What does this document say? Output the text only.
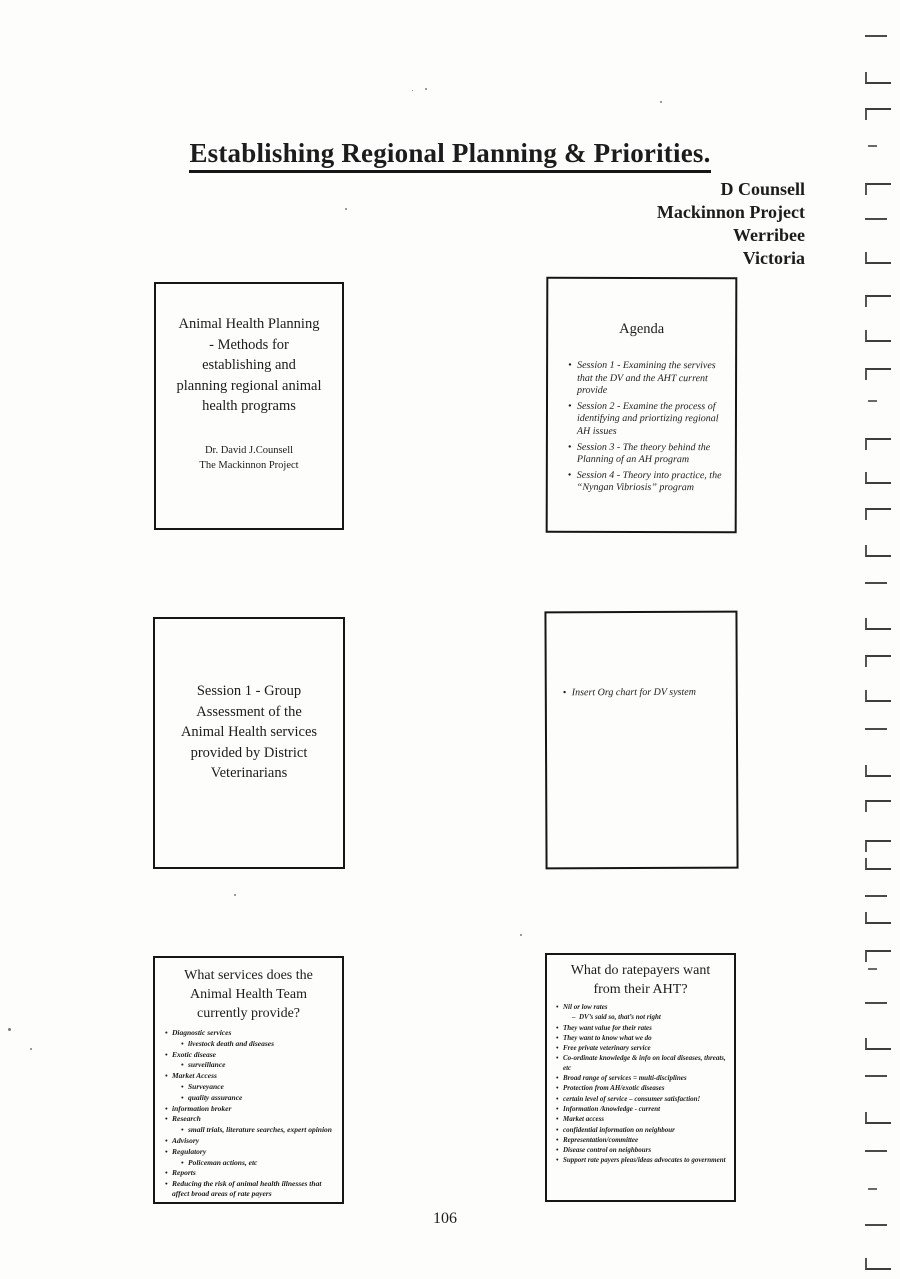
Establishing Regional Planning & Priorities.
D Counsell
Mackinnon Project
Werribee
Victoria
Animal Health Planning
- Methods for
establishing and
planning regional animal
health programs
Dr. David J.Counsell
The Mackinnon Project
Agenda
• Session 1 - Examining the servives that the DV and the AHT current provide
• Session 2 - Examine the process of identifying and priortizing regional AH issues
• Session 3 - The theory behind the Planning of an AH program
• Session 4 - Theory into practice, the “Nyngan Vibriosis” program
Session 1 - Group
Assessment of the
Animal Health services
provided by District
Veterinarians
• Insert Org chart for DV system
What services does the
Animal Health Team
currently provide?
• Diagnostic services
• livestock death and diseases
• Exotic disease
• surveillance
• Market Access
• Surveyance
• quality assurance
• information broker
• Research
• small trials, literature searches, expert opinion
• Advisory
• Regulatory
• Policeman actions, etc
• Reports
• Reducing the risk of animal health illnesses that affect broad areas of rate payers
What do ratepayers want
from their AHT?
• Nil or low rates
– DV’s said so, that’s not right
• They want value for their rates
• They want to know what we do
• Free private veterinary service
• Co-ordinate knowledge & info on local diseases, threats, etc
• Broad range of services = multi-disciplines
• Protection from AH/exotic diseases
• certain level of service – consumer satisfaction!
• Information /knowledge - current
• Market access
• confidential information on neighbour
• Representation/committee
• Disease control on neighbours
• Support rate payers pleas/ideas advocates to government
106
